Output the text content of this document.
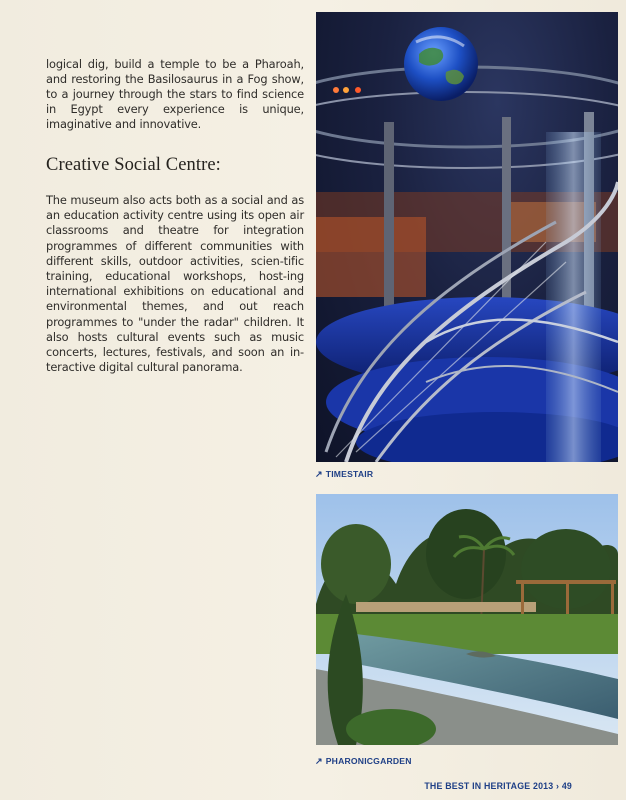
logical dig, build a temple to be a Pharoah, and restoring the Basilosaurus in a Fog show, to a journey through the stars to find science in Egypt every experience is unique, imaginative and innovative.

Creative Social Centre:

The museum also acts both as a social and as an education activity centre using its open air classrooms and theatre for integration programmes of different communities with different skills, outdoor activities, scien-tific training, educational workshops, host-ing international exhibitions on educational and environmental themes, and out reach programmes to "under the radar" children. It also hosts cultural events such as music concerts, lectures, festivals, and soon an in-teractive digital cultural panorama.

↗ TIMESTAIR
↗ PHARONICGARDEN
THE BEST IN HERITAGE 2013 › 49
